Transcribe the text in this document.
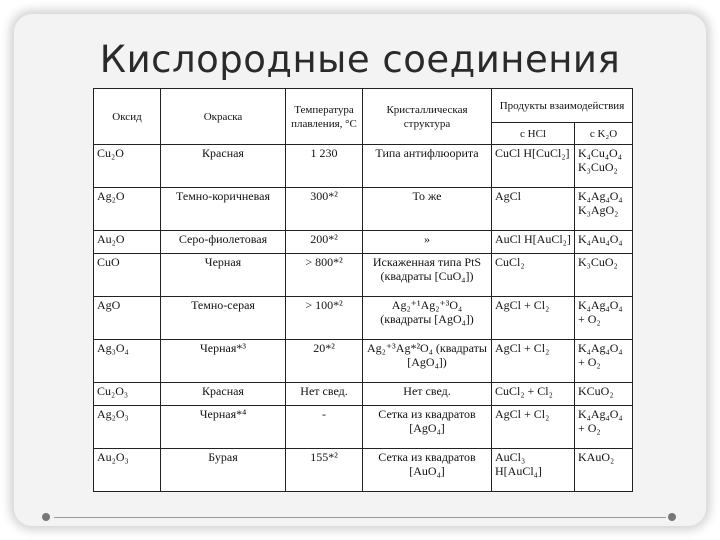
Кислородные соединения
Оксид	Окраска	Температура плавления, °С	Кристаллическая структура	Продукты взаимодействия	
				с HCl	с K₂O
Cu₂O	Красная	1 230	Типа антифлюорита	CuCl H[CuCl₂]	K₄Cu₄O₄ K₃CuO₂
Ag₂O	Темно-коричневая	300*²	То же	AgCl	K₄Ag₄O₄ K₃AgO₂
Au₂O	Серо-фиолетовая	200*²	»	AuCl H[AuCl₂]	K₄Au₄O₄
CuO	Черная	> 800*²	Искаженная типа PtS (квадраты [CuO₄])	CuCl₂	K₃CuO₂
AgO	Темно-серая	> 100*²	Ag₂⁺¹Ag₂⁺³O₄ (квадраты [AgO₄])	AgCl + Cl₂	K₄Ag₄O₄ + O₂
Ag₃O₄	Черная*³	20*²	Ag₂⁺³Ag*²O₄ (квадраты [AgO₄])	AgCl + Cl₂	K₄Ag₄O₄ + O₂
Cu₂O₃	Красная	Нет свед.	Нет свед.	CuCl₂ + Cl₂	KCuO₂
Ag₂O₃	Черная*⁴	-	Сетка из квадратов [AgO₄]	AgCl + Cl₂	K₄Ag₄O₄ + O₂
Au₂O₃	Бурая	155*²	Сетка из квадратов [AuO₄]	AuCl₃ H[AuCl₄]	KAuO₂
